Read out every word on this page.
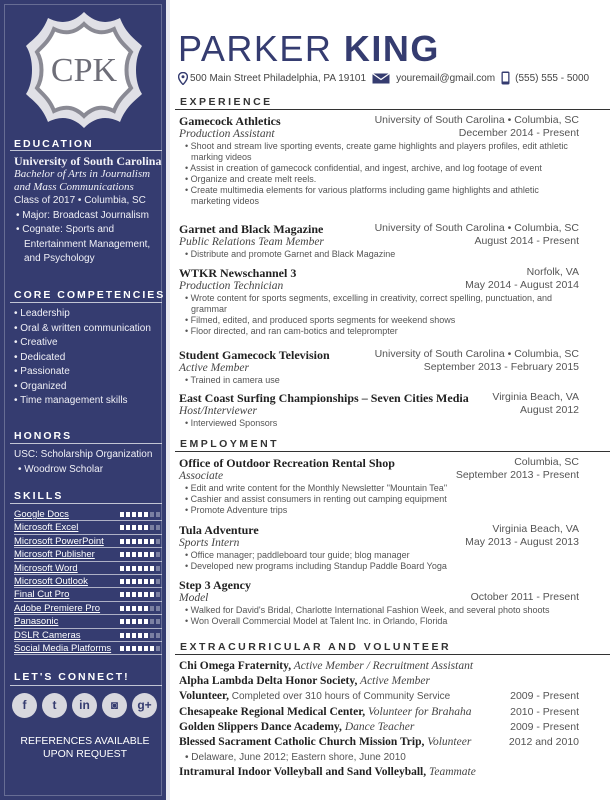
CPK
EDUCATION
University of South Carolina
Bachelor of Arts in Journalism and Mass Communications
Class of 2017 • Columbia, SC
• Major: Broadcast Journalism
• Cognate: Sports and Entertainment Management, and Psychology
CORE COMPETENCIES
• Leadership
• Oral & written communication
• Creative
• Dedicated
• Passionate
• Organized
• Time management skills
HONORS
USC: Scholarship Organization
• Woodrow Scholar
SKILLS
Google Docs
Microsoft Excel
Microsoft PowerPoint
Microsoft Publisher
Microsoft Word
Microsoft Outlook
Final Cut Pro
Adobe Premiere Pro
Panasonic
DSLR Cameras
Social Media Platforms
LET'S CONNECT!
f	t	in	◙	g+
REFERENCES AVAILABLE UPON REQUEST
PARKER KING
500 Main Street Philadelphia, PA 19101	youremail@gmail.com (555) 555 - 5000
EXPERIENCE
Gamecock Athletics
Production Assistant
University of South Carolina • Columbia, SC
December 2014 - Present
• Shoot and stream live sporting events, create game highlights and players profiles, edit athletic marking videos
• Assist in creation of gamecock confidential, and ingest, archive, and log footage of event
• Organize and create melt reels.
• Create multimedia elements for various platforms including game highlights and athletic marketing videos
Garnet and Black Magazine
Public Relations Team Member
University of South Carolina • Columbia, SC
August 2014 - Present
• Distribute and promote Garnet and Black Magazine
WTKR Newschannel 3
Production Technician
Norfolk, VA
May 2014 - August 2014
• Wrote content for sports segments, excelling in creativity, correct spelling, punctuation, and grammar
• Filmed, edited, and produced sports segments for weekend shows
• Floor directed, and ran cam-botics and teleprompter
Student Gamecock Television
Active Member
University of South Carolina • Columbia, SC
September 2013 - February 2015
• Trained in camera use
East Coast Surfing Championships – Seven Cities Media
Host/Interviewer
Virginia Beach, VA
August 2012
• Interviewed Sponsors
EMPLOYMENT
Office of Outdoor Recreation Rental Shop
Associate
Columbia, SC
September 2013 - Present
• Edit and write content for the Monthly Newsletter "Mountain Tea"
• Cashier and assist consumers in renting out camping equipment
• Promote Adventure trips
Tula Adventure
Sports Intern
Virginia Beach, VA
May 2013 - August 2013
• Office manager; paddleboard tour guide; blog manager
• Developed new programs including Standup Paddle Board Yoga
Step 3 Agency
Model	October 2011 - Present
• Walked for David's Bridal, Charlotte International Fashion Week, and several photo shoots
• Won Overall Commercial Model at Talent Inc. in Orlando, Florida
EXTRACURRICULAR AND VOLUNTEER
Chi Omega Fraternity, Active Member / Recruitment Assistant
Alpha Lambda Delta Honor Society, Active Member
Volunteer, Completed over 310 hours of Community Service	2009 - Present
Chesapeake Regional Medical Center, Volunteer for Brahaha	2010 - Present
Golden Slippers Dance Academy, Dance Teacher	2009 - Present
Blessed Sacrament Catholic Church Mission Trip, Volunteer	2012 and 2010
• Delaware, June 2012; Eastern shore, June 2010
Intramural Indoor Volleyball and Sand Volleyball, Teammate
